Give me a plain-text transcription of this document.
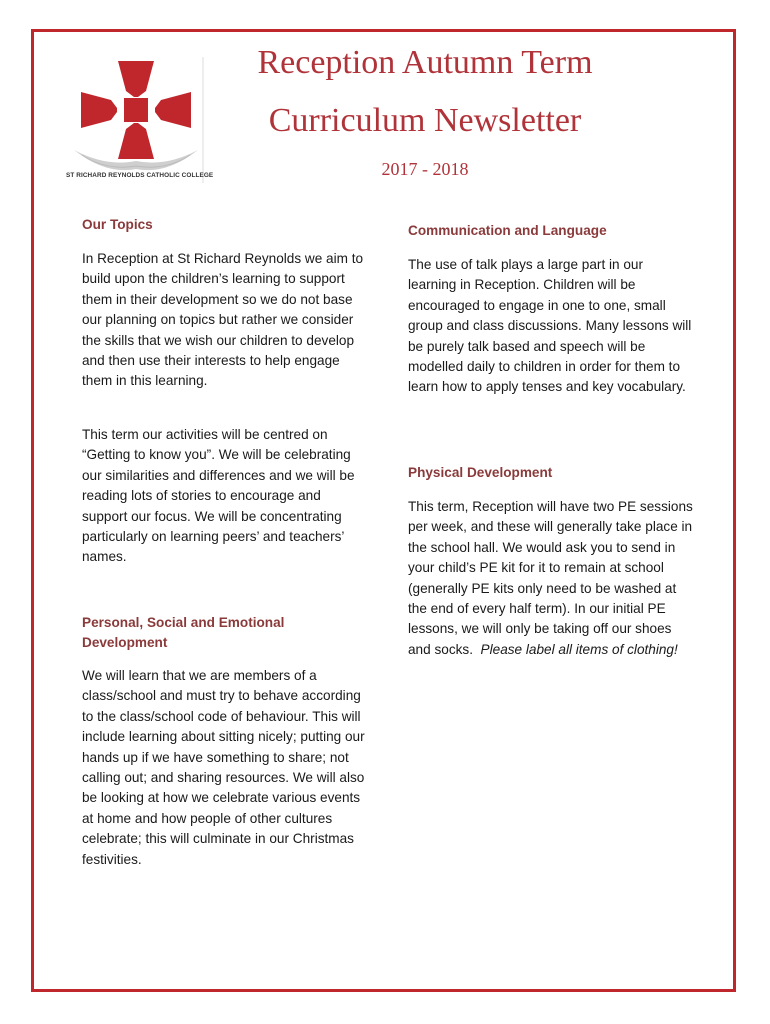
ST RICHARD REYNOLDS CATHOLIC COLLEGE
Reception Autumn Term
Curriculum Newsletter
2017 - 2018
Our Topics

In Reception at St Richard Reynolds we aim to build upon the children’s learning to support them in their development so we do not base our planning on topics but rather we consider the skills that we wish our children to develop and then use their interests to help engage them in this learning.

This term our activities will be centred on “Getting to know you”. We will be celebrating our similarities and differences and we will be reading lots of stories to encourage and support our focus. We will be concentrating particularly on learning peers’ and teachers’ names.

Personal, Social and Emotional Development

We will learn that we are members of a class/school and must try to behave according to the class/school code of behaviour. This will include learning about sitting nicely; putting our hands up if we have something to share; not calling out; and sharing resources. We will also be looking at how we celebrate various events at home and how people of other cultures celebrate; this will culminate in our Christmas festivities.

Communication and Language

The use of talk plays a large part in our learning in Reception. Children will be encouraged to engage in one to one, small group and class discussions. Many lessons will be purely talk based and speech will be modelled daily to children in order for them to learn how to apply tenses and key vocabulary.

Physical Development

This term, Reception will have two PE sessions per week, and these will generally take place in the school hall. We would ask you to send in your child’s PE kit for it to remain at school (generally PE kits only need to be washed at the end of every half term). In our initial PE lessons, we will only be taking off our shoes and socks. Please label all items of clothing!
